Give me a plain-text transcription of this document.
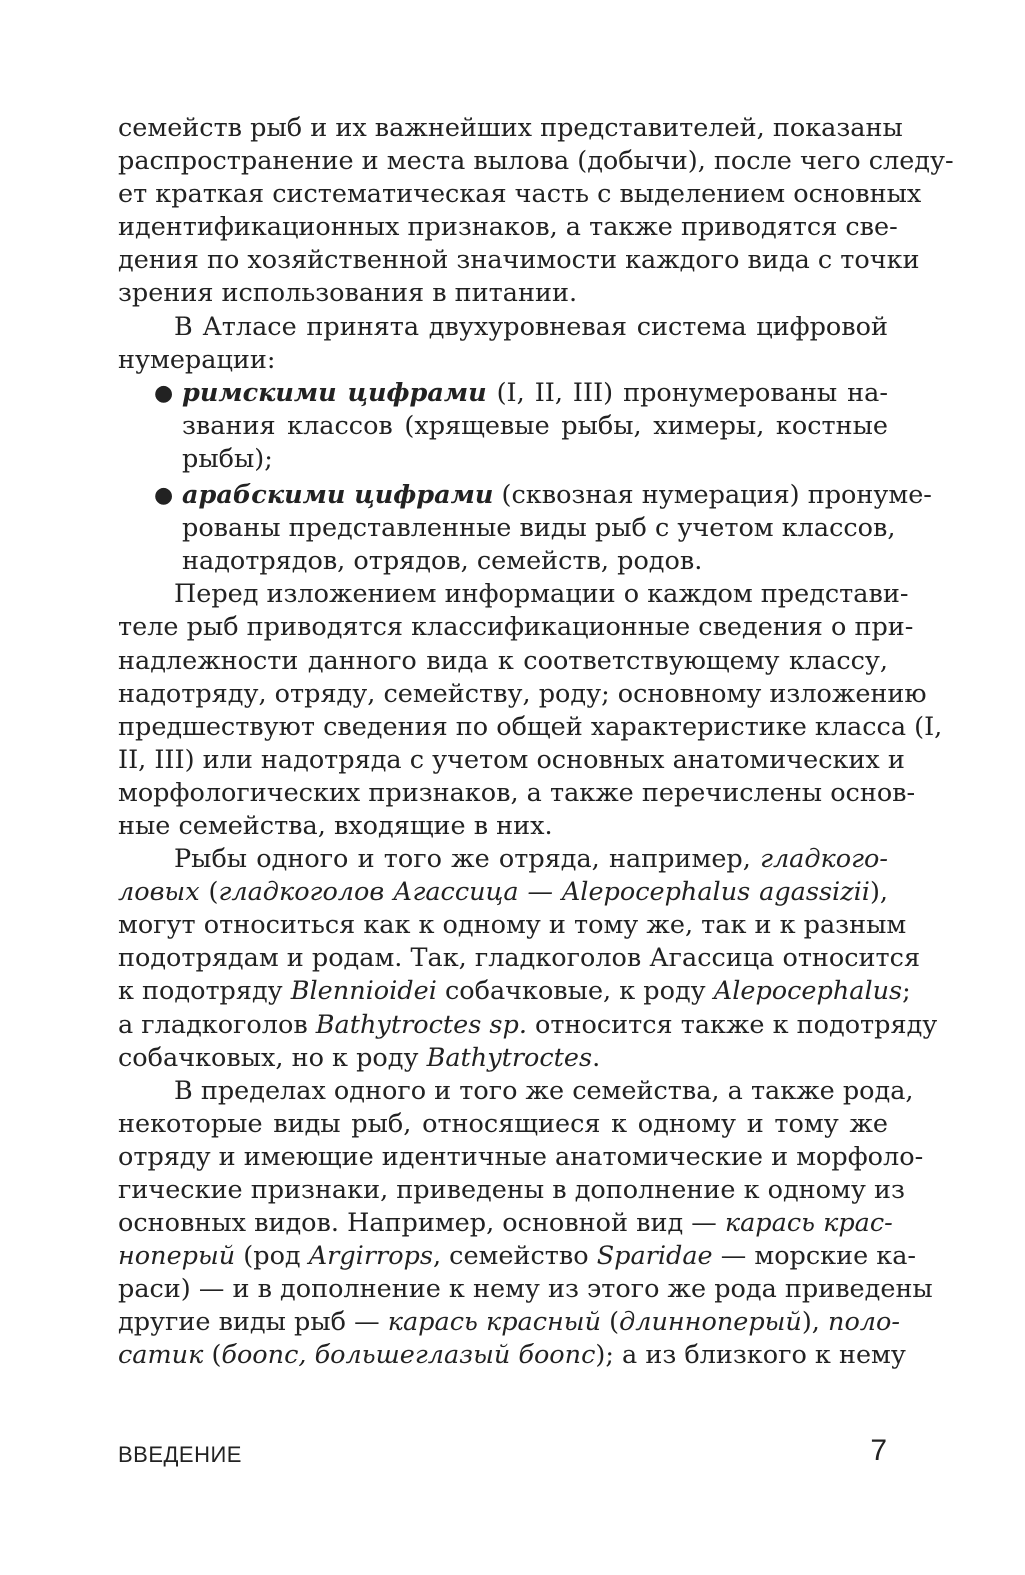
семейств рыб и их важнейших представителей, показаны
распространение и места вылова (добычи), после чего следу-
ет краткая систематическая часть с выделением основных
идентификационных признаков, а также приводятся све-
дения по хозяйственной значимости каждого вида с точки
зрения использования в питании.
В Атласе принята двухуровневая система цифровой
нумерации:
● римскими цифрами (I, II, III) пронумерованы на-
звания классов (хрящевые рыбы, химеры, костные
рыбы);
● арабскими цифрами (сквозная нумерация) пронуме-
рованы представленные виды рыб с учетом классов,
надотрядов, отрядов, семейств, родов.
Перед изложением информации о каждом представи-
теле рыб приводятся классификационные сведения о при-
надлежности данного вида к соответствующему классу,
надотряду, отряду, семейству, роду; основному изложению
предшествуют сведения по общей характеристике класса (I,
II, III) или надотряда с учетом основных анатомических и
морфологических признаков, а также перечислены основ-
ные семейства, входящие в них.
Рыбы одного и того же отряда, например, гладкого-
ловых (гладкоголов Агассица — Alepocephalus agassizii),
могут относиться как к одному и тому же, так и к разным
подотрядам и родам. Так, гладкоголов Агассица относится
к подотряду Blennioidei собачковые, к роду Alepocephalus;
а гладкоголов Bathytroctes sp. относится также к подотряду
собачковых, но к роду Bathytroctes.
В пределах одного и того же семейства, а также рода,
некоторые виды рыб, относящиеся к одному и тому же
отряду и имеющие идентичные анатомические и морфоло-
гические признаки, приведены в дополнение к одному из
основных видов. Например, основной вид — карась крас-
ноперый (род Argirrops, семейство Sparidae — морские ка-
раси) — и в дополнение к нему из этого же рода приведены
другие виды рыб — карась красный (длинноперый), поло-
сатик (боопс, большеглазый боопс); а из близкого к нему
ВВЕДЕНИЕ	7
